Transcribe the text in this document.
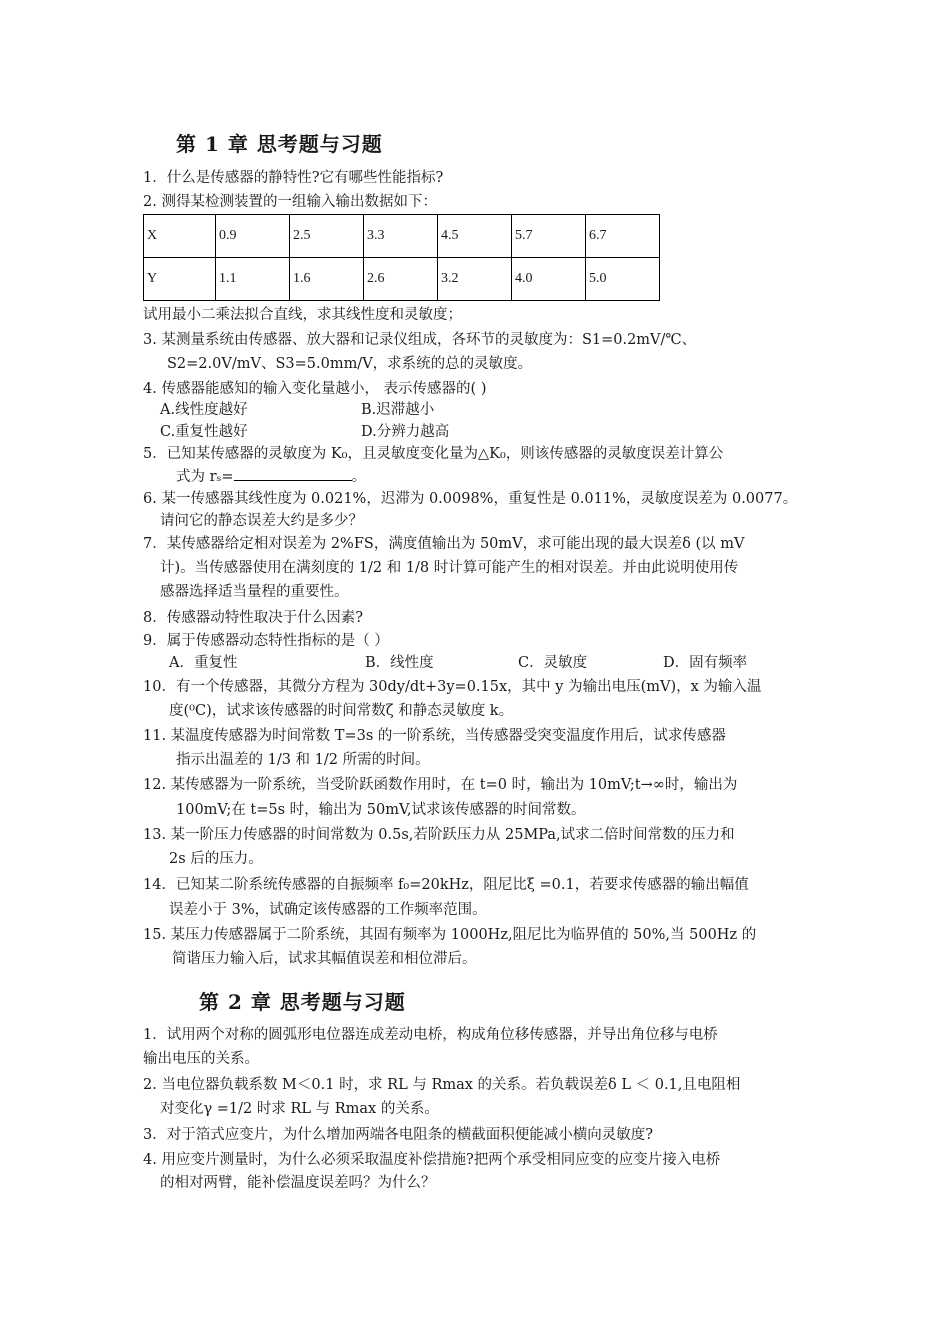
第 1 章 思考题与习题
1．什么是传感器的静特性?它有哪些性能指标?
2. 测得某检测装置的一组输入输出数据如下：
X	0.9	2.5	3.3	4.5	5.7	6.7
Y	1.1	1.6	2.6	3.2	4.0	5.0
试用最小二乘法拟合直线，求其线性度和灵敏度；
3. 某测量系统由传感器、放大器和记录仪组成，各环节的灵敏度为：S1=0.2mV/℃、
S2=2.0V/mV、S3=5.0mm/V，求系统的总的灵敏度。
4. 传感器能感知的输入变化量越小， 表示传感器的( )
A.线性度越好	B.迟滞越小
C.重复性越好	D.分辨力越高
5．已知某传感器的灵敏度为 K₀，且灵敏度变化量为△K₀，则该传感器的灵敏度误差计算公
式为 rₛ=	。
6. 某一传感器其线性度为 0.021%，迟滞为 0.0098%，重复性是 0.011%，灵敏度误差为 0.0077。
请问它的静态误差大约是多少？
7．某传感器给定相对误差为 2%FS，满度值输出为 50mV，求可能出现的最大误差δ (以 mV
计)。当传感器使用在满刻度的 1/2 和 1/8 时计算可能产生的相对误差。并由此说明使用传
感器选择适当量程的重要性。
8．传感器动特性取决于什么因素?
9．属于传感器动态特性指标的是（ ）
A．重复性	B．线性度	C．灵敏度	D．固有频率
10．有一个传感器，其微分方程为 30dy/dt+3y=0.15x，其中 y 为输出电压(mV)，x 为输入温
度(⁰C)，试求该传感器的时间常数ζ 和静态灵敏度 k。
11. 某温度传感器为时间常数 T=3s 的一阶系统，当传感器受突变温度作用后，试求传感器
指示出温差的 1/3 和 1/2 所需的时间。
12. 某传感器为一阶系统，当受阶跃函数作用时，在 t=0 时，输出为 10mV;t→∞时，输出为
100mV;在 t=5s 时，输出为 50mV,试求该传感器的时间常数。
13. 某一阶压力传感器的时间常数为 0.5s,若阶跃压力从 25MPa,试求二倍时间常数的压力和
2s 后的压力。
14．已知某二阶系统传感器的自振频率 f₀=20kHz，阻尼比ξ =0.1，若要求传感器的输出幅值
误差小于 3%，试确定该传感器的工作频率范围。
15. 某压力传感器属于二阶系统，其固有频率为 1000Hz,阻尼比为临界值的 50%,当 500Hz 的
简谐压力输入后，试求其幅值误差和相位滞后。
第 2 章 思考题与习题
1．试用两个对称的圆弧形电位器连成差动电桥，构成角位移传感器，并导出角位移与电桥
输出电压的关系。
2. 当电位器负载系数 M＜0.1 时，求 RL 与 Rmax 的关系。若负载误差δ L ＜ 0.1,且电阻相
对变化γ =1/2 时求 RL 与 Rmax 的关系。
3．对于箔式应变片，为什么增加两端各电阻条的横截面积便能减小横向灵敏度?
4. 用应变片测量时，为什么必须采取温度补偿措施?把两个承受相同应变的应变片接入电桥
的相对两臂，能补偿温度误差吗？为什么？
